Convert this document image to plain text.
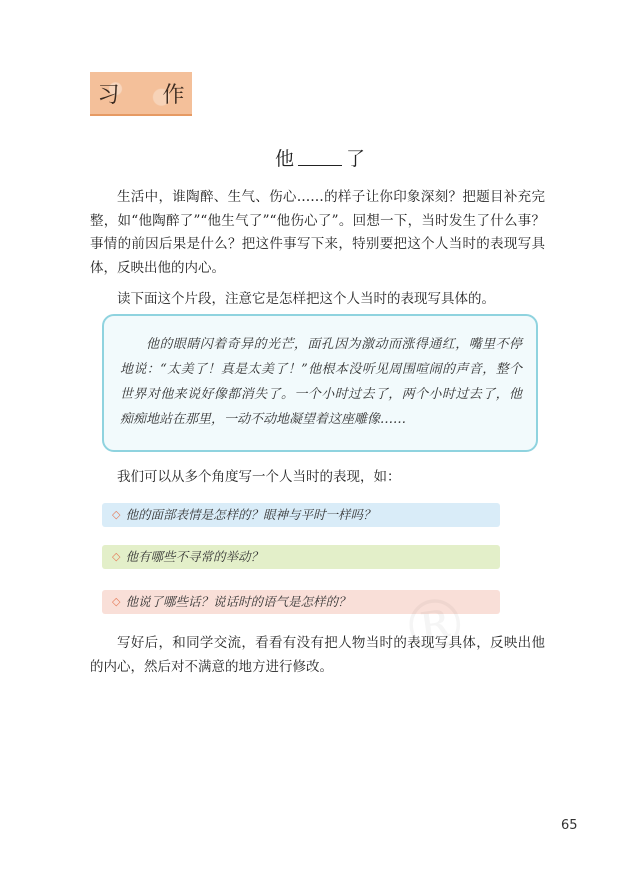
习 作
他	了
生活中，谁陶醉、生气、伤心……的样子让你印象深刻？把题目补充完整，如“他陶醉了”“他生气了”“他伤心了”。回想一下，当时发生了什么事？事情的前因后果是什么？把这件事写下来，特别要把这个人当时的表现写具体，反映出他的内心。
读下面这个片段，注意它是怎样把这个人当时的表现写具体的。
他的眼睛闪着奇异的光芒，面孔因为激动而涨得通红，嘴里不停地说：“太美了！真是太美了！”他根本没听见周围喧闹的声音，整个世界对他来说好像都消失了。一个小时过去了，两个小时过去了，他痴痴地站在那里，一动不动地凝望着这座雕像……
我们可以从多个角度写一个人当时的表现，如：
◇ 他的面部表情是怎样的？眼神与平时一样吗？
◇ 他有哪些不寻常的举动？
◇ 他说了哪些话？说话时的语气是怎样的？
写好后，和同学交流，看看有没有把人物当时的表现写具体，反映出他的内心，然后对不满意的地方进行修改。
65
